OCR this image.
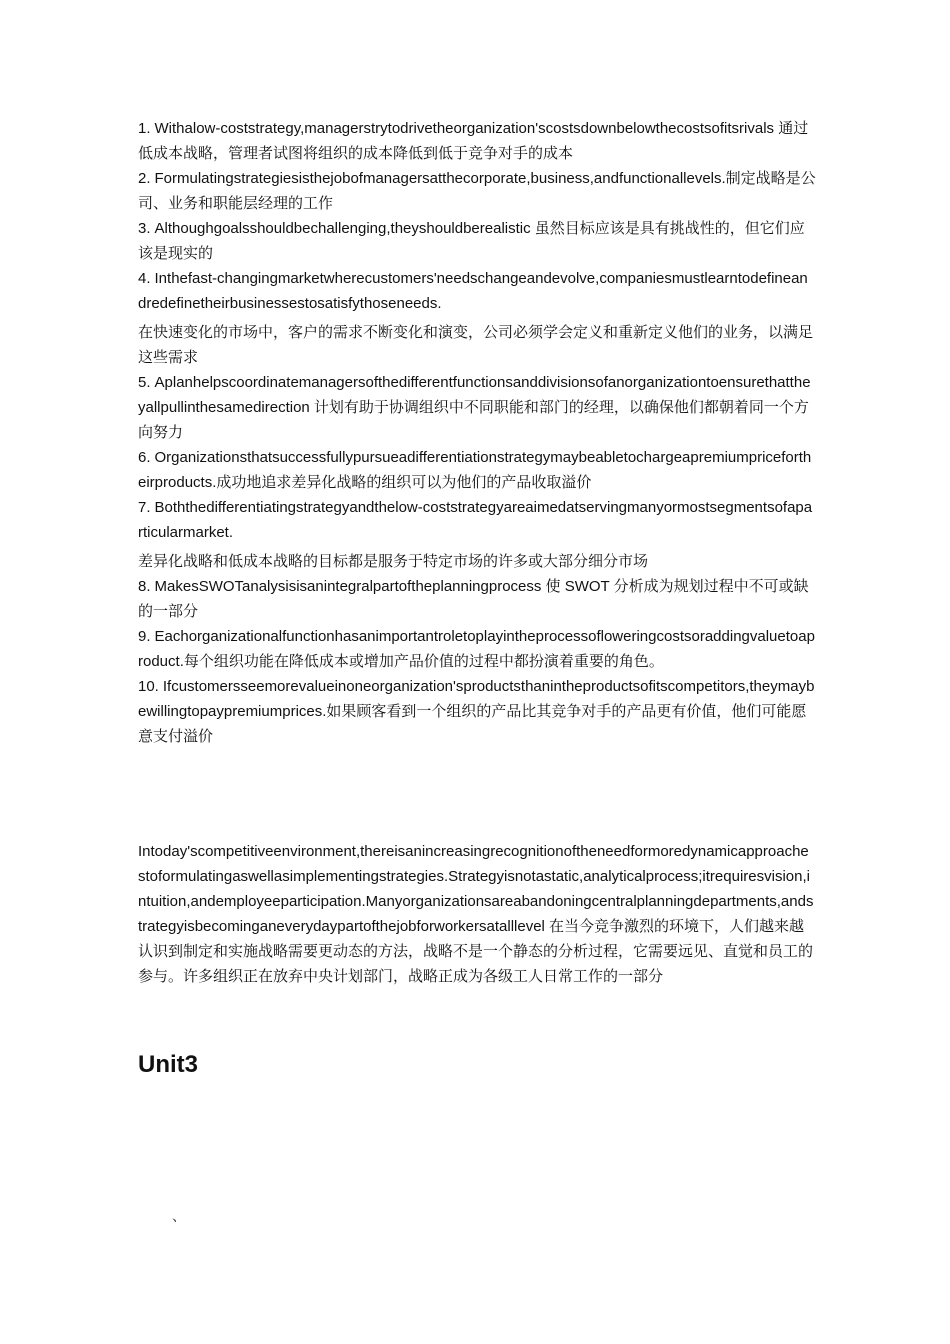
1. Withalow-coststrategy,managerstrytodrivetheorganization'scostsdownbelowthecostsofitsrivals 通过低成本战略，管理者试图将组织的成本降低到低于竞争对手的成本
2. Formulatingstrategiesisthejobofmanagersatthecorporate,business,andfunctionallevels.制定战略是公司、业务和职能层经理的工作
3. Althoughgoalsshouldbechallenging,theyshouldberealistic 虽然目标应该是具有挑战性的，但它们应该是现实的
4. Inthefast-changingmarketwherecustomers'needschangeandevolve,companiesmustlearntodefineandredefinetheirbusinessestosatisfythoseneeds.
在快速变化的市场中，客户的需求不断变化和演变，公司必须学会定义和重新定义他们的业务，以满足这些需求
5. Aplanhelpscoordinatemanagersofthedifferentfunctionsanddivisionsofanorganizationtoensurethattheyallpullinthesamedirection 计划有助于协调组织中不同职能和部门的经理，以确保他们都朝着同一个方向努力
6. Organizationsthatsuccessfullypursueadifferentiationstrategymaybeabletochargeapremiumpricefortheirproducts.成功地追求差异化战略的组织可以为他们的产品收取溢价
7. Boththedifferentiatingstrategyandthelow-coststrategyareaimedatservingmanyormostsegmentsofaparticularmarket.
差异化战略和低成本战略的目标都是服务于特定市场的许多或大部分细分市场
8. MakesSWOTanalysisisanintegralpartoftheplanningprocess 使 SWOT 分析成为规划过程中不可或缺的一部分
9. Eachorganizationalfunctionhasanimportantroletoplayintheprocessofloweringcostsoraddingvaluetoaproduct.每个组织功能在降低成本或增加产品价值的过程中都扮演着重要的角色。
10. Ifcustomersseemorevalueinoneorganization'sproductsthanintheproductsofitscompetitors,theymaybewillingtopaypremiumprices.如果顾客看到一个组织的产品比其竞争对手的产品更有价值，他们可能愿意支付溢价
Intoday'scompetitiveenvironment,thereisanincreasingrecognitionoftheneedformoredynamicapproachestoformulatingaswellasimplementingstrategies.Strategyisnotastatic,analyticalprocess;itrequiresvision,intuition,andemployeeparticipation.Manyorganizationsareabandoningcentralplanningdepartments,andstrategyisbecominganeverydaypartofthejobforworkersatalllevel 在当今竞争激烈的环境下，人们越来越认识到制定和实施战略需要更动态的方法，战略不是一个静态的分析过程，它需要远见、直觉和员工的参与。许多组织正在放弃中央计划部门，战略正成为各级工人日常工作的一部分
Unit3
、
